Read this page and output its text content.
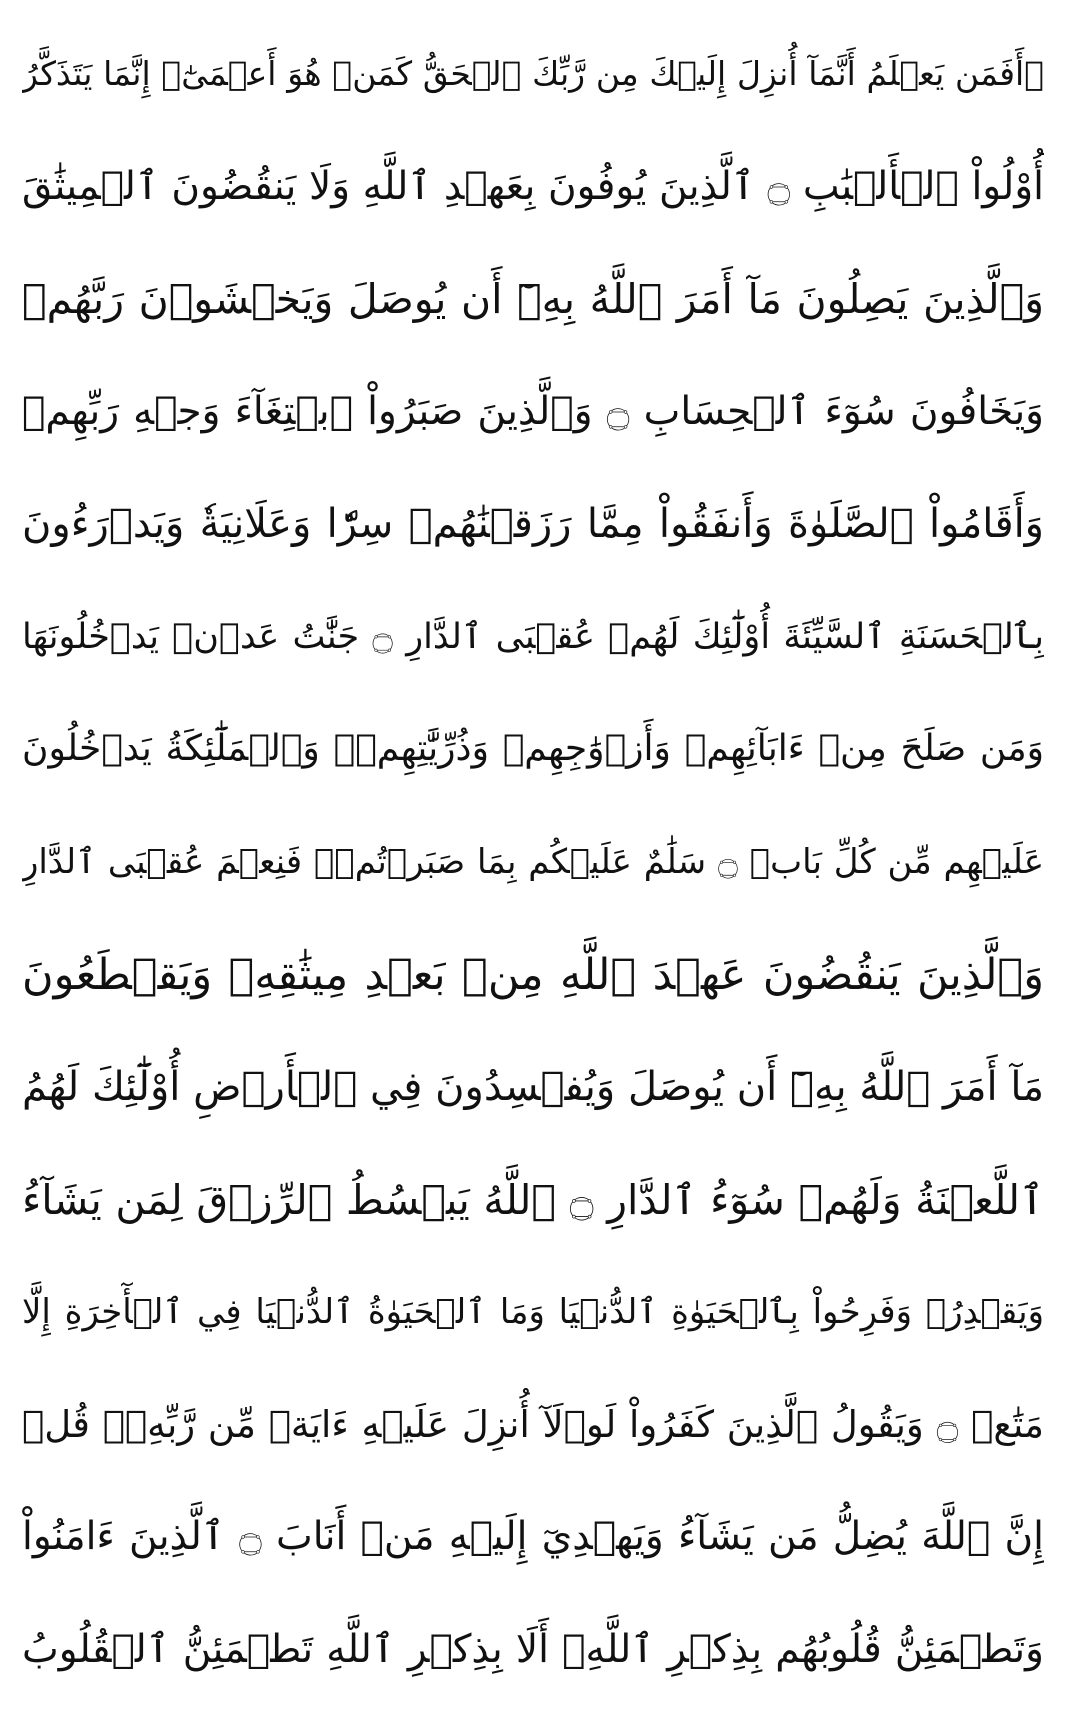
۞أَفَمَن يَعۡلَمُ أَنَّمَآ أُنزِلَ إِلَيۡكَ مِن رَّبِّكَ ٱلۡحَقُّ كَمَنۡ هُوَ أَعۡمَىٰٓۚ إِنَّمَا يَتَذَكَّرُ
أُوْلُواْ ٱلۡأَلۡبَٰبِ ۝ ٱلَّذِينَ يُوفُونَ بِعَهۡدِ ٱللَّهِ وَلَا يَنقُضُونَ ٱلۡمِيثَٰقَ
وَٱلَّذِينَ يَصِلُونَ مَآ أَمَرَ ٱللَّهُ بِهِۦٓ أَن يُوصَلَ وَيَخۡشَوۡنَ رَبَّهُمۡ
وَيَخَافُونَ سُوٓءَ ٱلۡحِسَابِ ۝ وَٱلَّذِينَ صَبَرُواْ ٱبۡتِغَآءَ وَجۡهِ رَبِّهِمۡ
وَأَقَامُواْ ٱلصَّلَوٰةَ وَأَنفَقُواْ مِمَّا رَزَقۡنَٰهُمۡ سِرّٗا وَعَلَانِيَةٗ وَيَدۡرَءُونَ
بِٱلۡحَسَنَةِ ٱلسَّيِّئَةَ أُوْلَٰٓئِكَ لَهُمۡ عُقۡبَى ٱلدَّارِ ۝ جَنَّٰتُ عَدۡنٖ يَدۡخُلُونَهَا
وَمَن صَلَحَ مِنۡ ءَابَآئِهِمۡ وَأَزۡوَٰجِهِمۡ وَذُرِّيَّٰتِهِمۡۖ وَٱلۡمَلَٰٓئِكَةُ يَدۡخُلُونَ
عَلَيۡهِم مِّن كُلِّ بَابٖ ۝ سَلَٰمٌ عَلَيۡكُم بِمَا صَبَرۡتُمۡۚ فَنِعۡمَ عُقۡبَى ٱلدَّارِ
وَٱلَّذِينَ يَنقُضُونَ عَهۡدَ ٱللَّهِ مِنۢ بَعۡدِ مِيثَٰقِهِۦ وَيَقۡطَعُونَ
مَآ أَمَرَ ٱللَّهُ بِهِۦٓ أَن يُوصَلَ وَيُفۡسِدُونَ فِي ٱلۡأَرۡضِ أُوْلَٰٓئِكَ لَهُمُ
ٱللَّعۡنَةُ وَلَهُمۡ سُوٓءُ ٱلدَّارِ ۝ ٱللَّهُ يَبۡسُطُ ٱلرِّزۡقَ لِمَن يَشَآءُ
وَيَقۡدِرُۚ وَفَرِحُواْ بِٱلۡحَيَوٰةِ ٱلدُّنۡيَا وَمَا ٱلۡحَيَوٰةُ ٱلدُّنۡيَا فِي ٱلۡأٓخِرَةِ إِلَّا
مَتَٰعٞ ۝ وَيَقُولُ ٱلَّذِينَ كَفَرُواْ لَوۡلَآ أُنزِلَ عَلَيۡهِ ءَايَةٞ مِّن رَّبِّهِۦۚ قُلۡ
إِنَّ ٱللَّهَ يُضِلُّ مَن يَشَآءُ وَيَهۡدِيٓ إِلَيۡهِ مَنۡ أَنَابَ ۝ ٱلَّذِينَ ءَامَنُواْ
وَتَطۡمَئِنُّ قُلُوبُهُم بِذِكۡرِ ٱللَّهِۗ أَلَا بِذِكۡرِ ٱللَّهِ تَطۡمَئِنُّ ٱلۡقُلُوبُ
